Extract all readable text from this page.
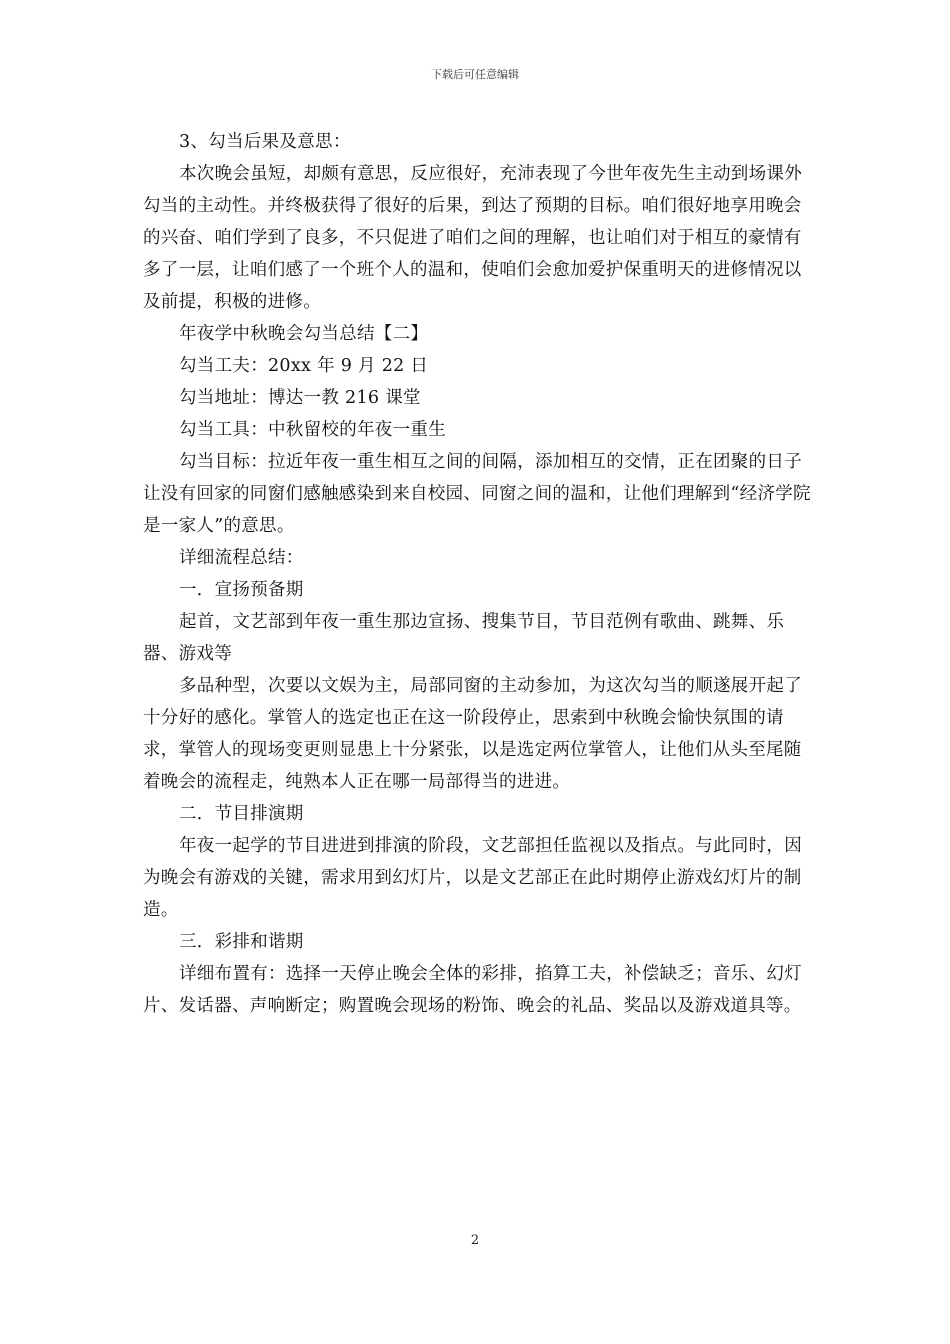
下载后可任意编辑

3、勾当后果及意思：

本次晚会虽短，却颇有意思，反应很好，充沛表现了今世年夜先生主动到场课外勾当的主动性。并终极获得了很好的后果，到达了预期的目标。咱们很好地享用晚会的兴奋、咱们学到了良多，不只促进了咱们之间的理解，也让咱们对于相互的豪情有多了一层，让咱们感了一个班个人的温和，使咱们会愈加爱护保重明天的进修情况以及前提，积极的进修。

年夜学中秋晚会勾当总结【二】

勾当工夫：20xx 年 9 月 22 日

勾当地址：博达一教 216 课堂

勾当工具：中秋留校的年夜一重生

勾当目标：拉近年夜一重生相互之间的间隔，添加相互的交情，正在团聚的日子让没有回家的同窗们感触感染到来自校园、同窗之间的温和，让他们理解到“经济学院是一家人”的意思。

详细流程总结：

一．宣扬预备期

起首，文艺部到年夜一重生那边宣扬、搜集节目，节目范例有歌曲、跳舞、乐器、游戏等

多品种型，次要以文娱为主，局部同窗的主动参加，为这次勾当的顺遂展开起了十分好的感化。掌管人的选定也正在这一阶段停止，思索到中秋晚会愉快氛围的请求，掌管人的现场变更则显患上十分紧张，以是选定两位掌管人，让他们从头至尾随着晚会的流程走，纯熟本人正在哪一局部得当的进进。

二．节目排演期

年夜一起学的节目进进到排演的阶段，文艺部担任监视以及指点。与此同时，因为晚会有游戏的关键，需求用到幻灯片，以是文艺部正在此时期停止游戏幻灯片的制造。

三．彩排和谐期

详细布置有：选择一天停止晚会全体的彩排，掐算工夫，补偿缺乏；音乐、幻灯片、发话器、声响断定；购置晚会现场的粉饰、晚会的礼品、奖品以及游戏道具等。

2
